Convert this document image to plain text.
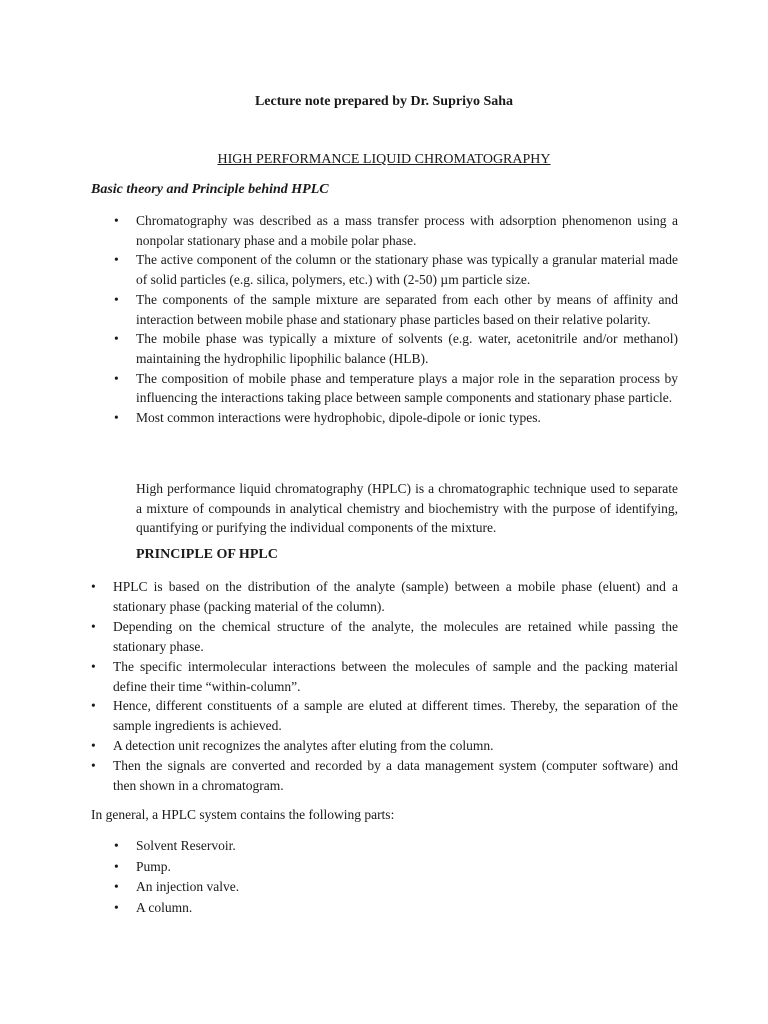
Lecture note prepared by Dr. Supriyo Saha
HIGH PERFORMANCE LIQUID CHROMATOGRAPHY
Basic theory and Principle behind HPLC
• Chromatography was described as a mass transfer process with adsorption phenomenon using a nonpolar stationary phase and a mobile polar phase.
• The active component of the column or the stationary phase was typically a granular material made of solid particles (e.g. silica, polymers, etc.) with (2-50) µm particle size.
• The components of the sample mixture are separated from each other by means of affinity and interaction between mobile phase and stationary phase particles based on their relative polarity.
• The mobile phase was typically a mixture of solvents (e.g. water, acetonitrile and/or methanol) maintaining the hydrophilic lipophilic balance (HLB).
• The composition of mobile phase and temperature plays a major role in the separation process by influencing the interactions taking place between sample components and stationary phase particle.
• Most common interactions were hydrophobic, dipole-dipole or ionic types.
High performance liquid chromatography (HPLC) is a chromatographic technique used to separate a mixture of compounds in analytical chemistry and biochemistry with the purpose of identifying, quantifying or purifying the individual components of the mixture.
PRINCIPLE OF HPLC
• HPLC is based on the distribution of the analyte (sample) between a mobile phase (eluent) and a stationary phase (packing material of the column).
• Depending on the chemical structure of the analyte, the molecules are retained while passing the stationary phase.
• The specific intermolecular interactions between the molecules of sample and the packing material define their time “within-column”.
• Hence, different constituents of a sample are eluted at different times. Thereby, the separation of the sample ingredients is achieved.
• A detection unit recognizes the analytes after eluting from the column.
• Then the signals are converted and recorded by a data management system (computer software) and then shown in a chromatogram.
In general, a HPLC system contains the following parts:
• Solvent Reservoir.
• Pump.
• An injection valve.
• A column.
